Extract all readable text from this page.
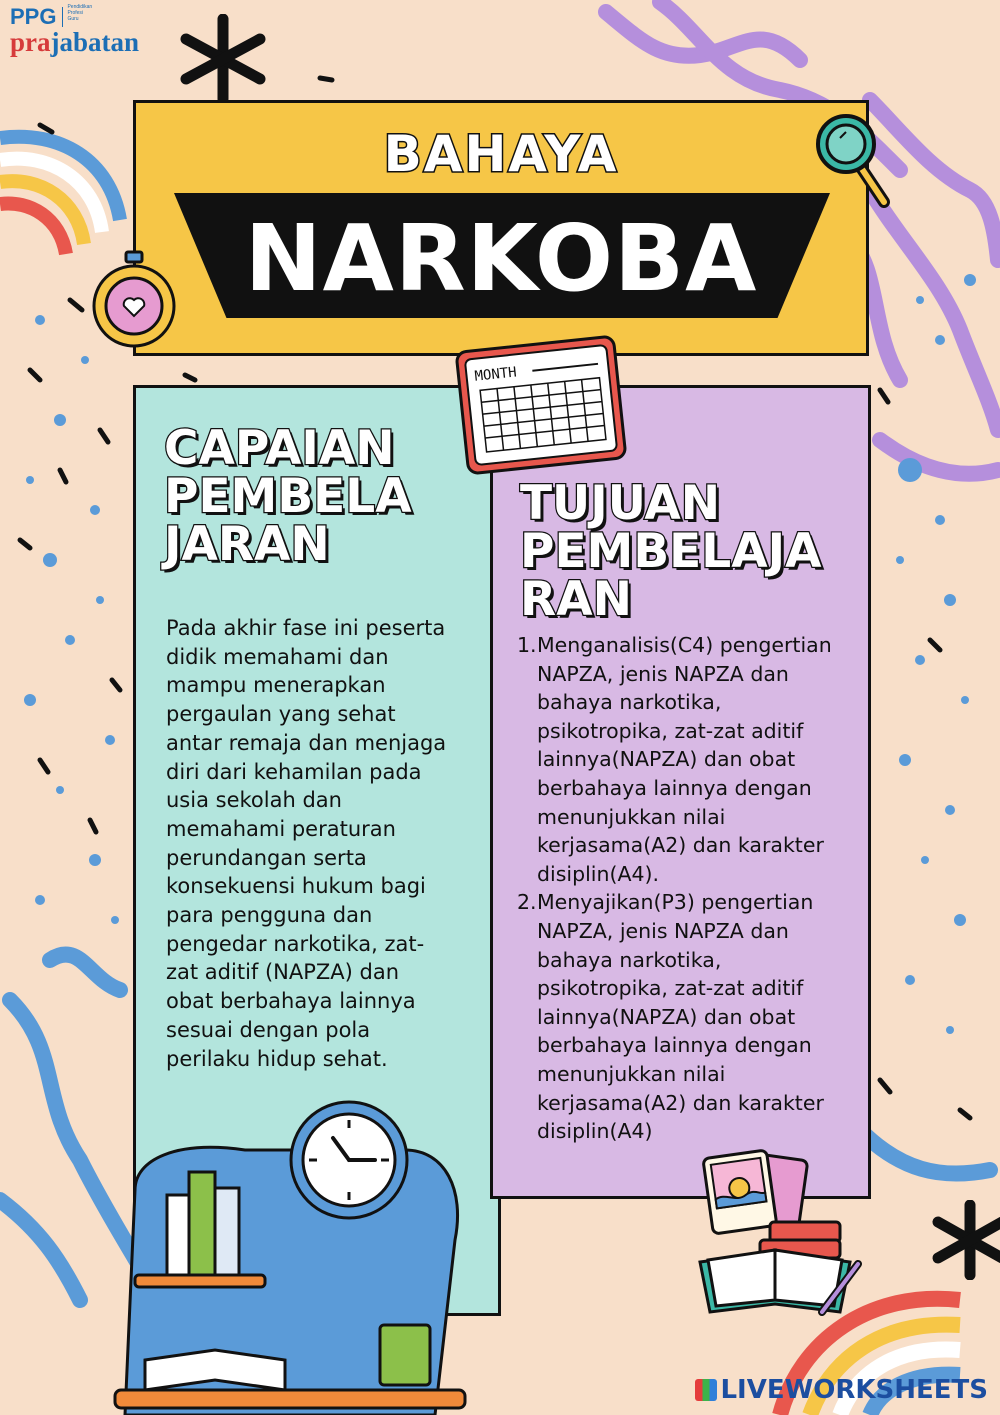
PPG Pendidikan
Profesi
Guru
prajabatan
BAHAYA
NARKOBA
CAPAIAN
PEMBELA
JARAN
Pada akhir fase ini peserta
didik memahami dan
mampu menerapkan
pergaulan yang sehat
antar remaja dan menjaga
diri dari kehamilan pada
usia sekolah dan
memahami peraturan
perundangan serta
konsekuensi hukum bagi
para pengguna dan
pengedar narkotika, zat-
zat aditif (NAPZA) dan
obat berbahaya lainnya
sesuai dengan pola
perilaku hidup sehat.
TUJUAN
PEMBELAJA
RAN
1. Menganalisis(C4) pengertian
NAPZA, jenis NAPZA dan
bahaya narkotika,
psikotropika, zat-zat aditif
lainnya(NAPZA) dan obat
berbahaya lainnya dengan
menunjukkan nilai
kerjasama(A2) dan karakter
disiplin(A4).
2. Menyajikan(P3) pengertian
NAPZA, jenis NAPZA dan
bahaya narkotika,
psikotropika, zat-zat aditif
lainnya(NAPZA) dan obat
berbahaya lainnya dengan
menunjukkan nilai
kerjasama(A2) dan karakter
disiplin(A4)
MONTH
LIVEWORKSHEETS
